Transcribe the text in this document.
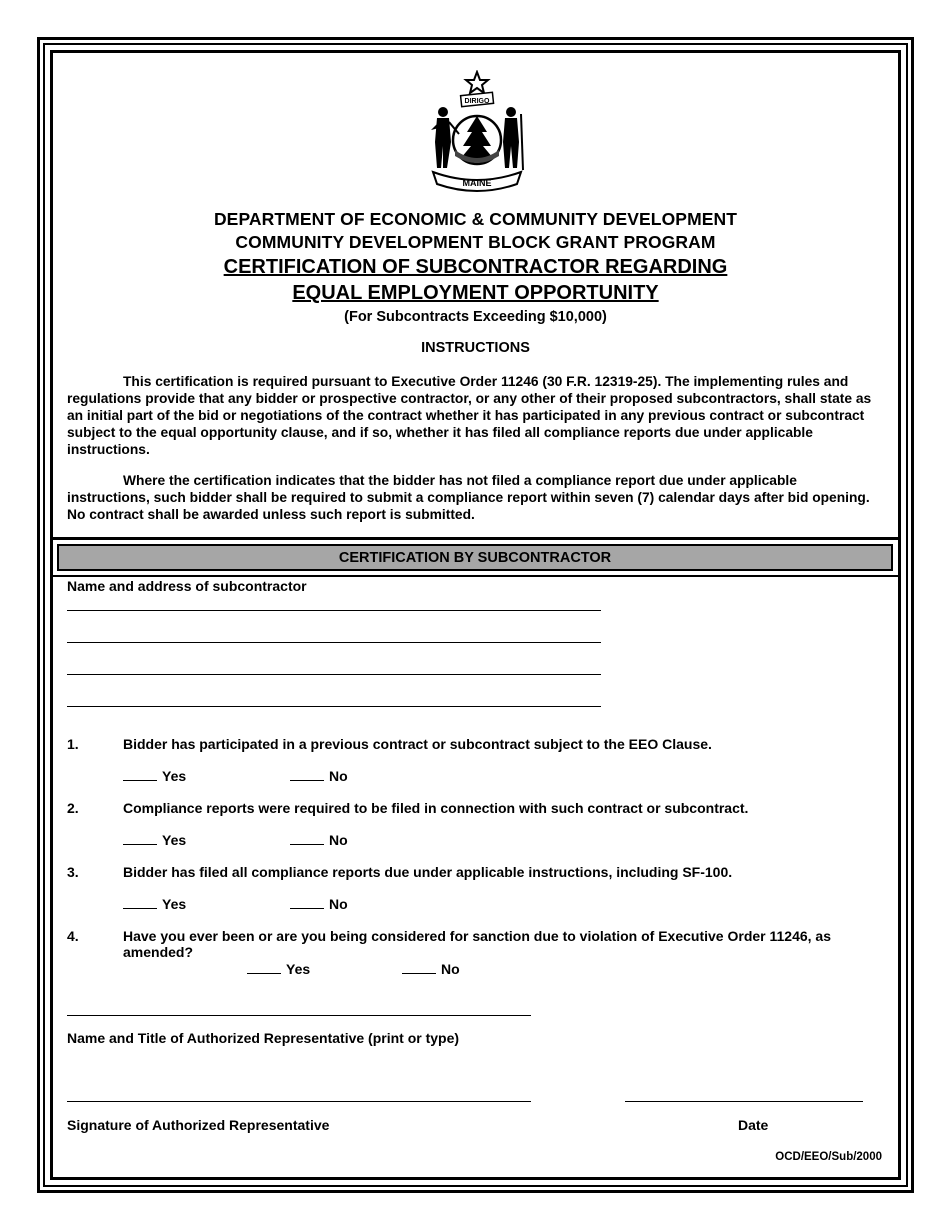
DIRIGO
MAINE
DEPARTMENT OF ECONOMIC & COMMUNITY DEVELOPMENT
COMMUNITY DEVELOPMENT BLOCK GRANT PROGRAM
CERTIFICATION OF SUBCONTRACTOR REGARDING
EQUAL EMPLOYMENT OPPORTUNITY
(For Subcontracts Exceeding $10,000)
INSTRUCTIONS
This certification is required pursuant to Executive Order 11246 (30 F.R. 12319-25). The implementing rules and regulations provide that any bidder or prospective contractor, or any other of their proposed subcontractors, shall state as an initial part of the bid or negotiations of the contract whether it has participated in any previous contract or subcontract subject to the equal opportunity clause, and if so, whether it has filed all compliance reports due under applicable instructions.
Where the certification indicates that the bidder has not filed a compliance report due under applicable instructions, such bidder shall be required to submit a compliance report within seven (7) calendar days after bid opening. No contract shall be awarded unless such report is submitted.
CERTIFICATION BY SUBCONTRACTOR
Name and address of subcontractor
1.	Bidder has participated in a previous contract or subcontract subject to the EEO Clause.
Yes	No
2.	Compliance reports were required to be filed in connection with such contract or subcontract.
Yes	No
3.	Bidder has filed all compliance reports due under applicable instructions, including SF-100.
Yes	No
4.	Have you ever been or are you being considered for sanction due to violation of Executive Order 11246, as amended?
Yes	No
Name and Title of Authorized Representative (print or type)
Signature of Authorized Representative	Date
OCD/EEO/Sub/2000
